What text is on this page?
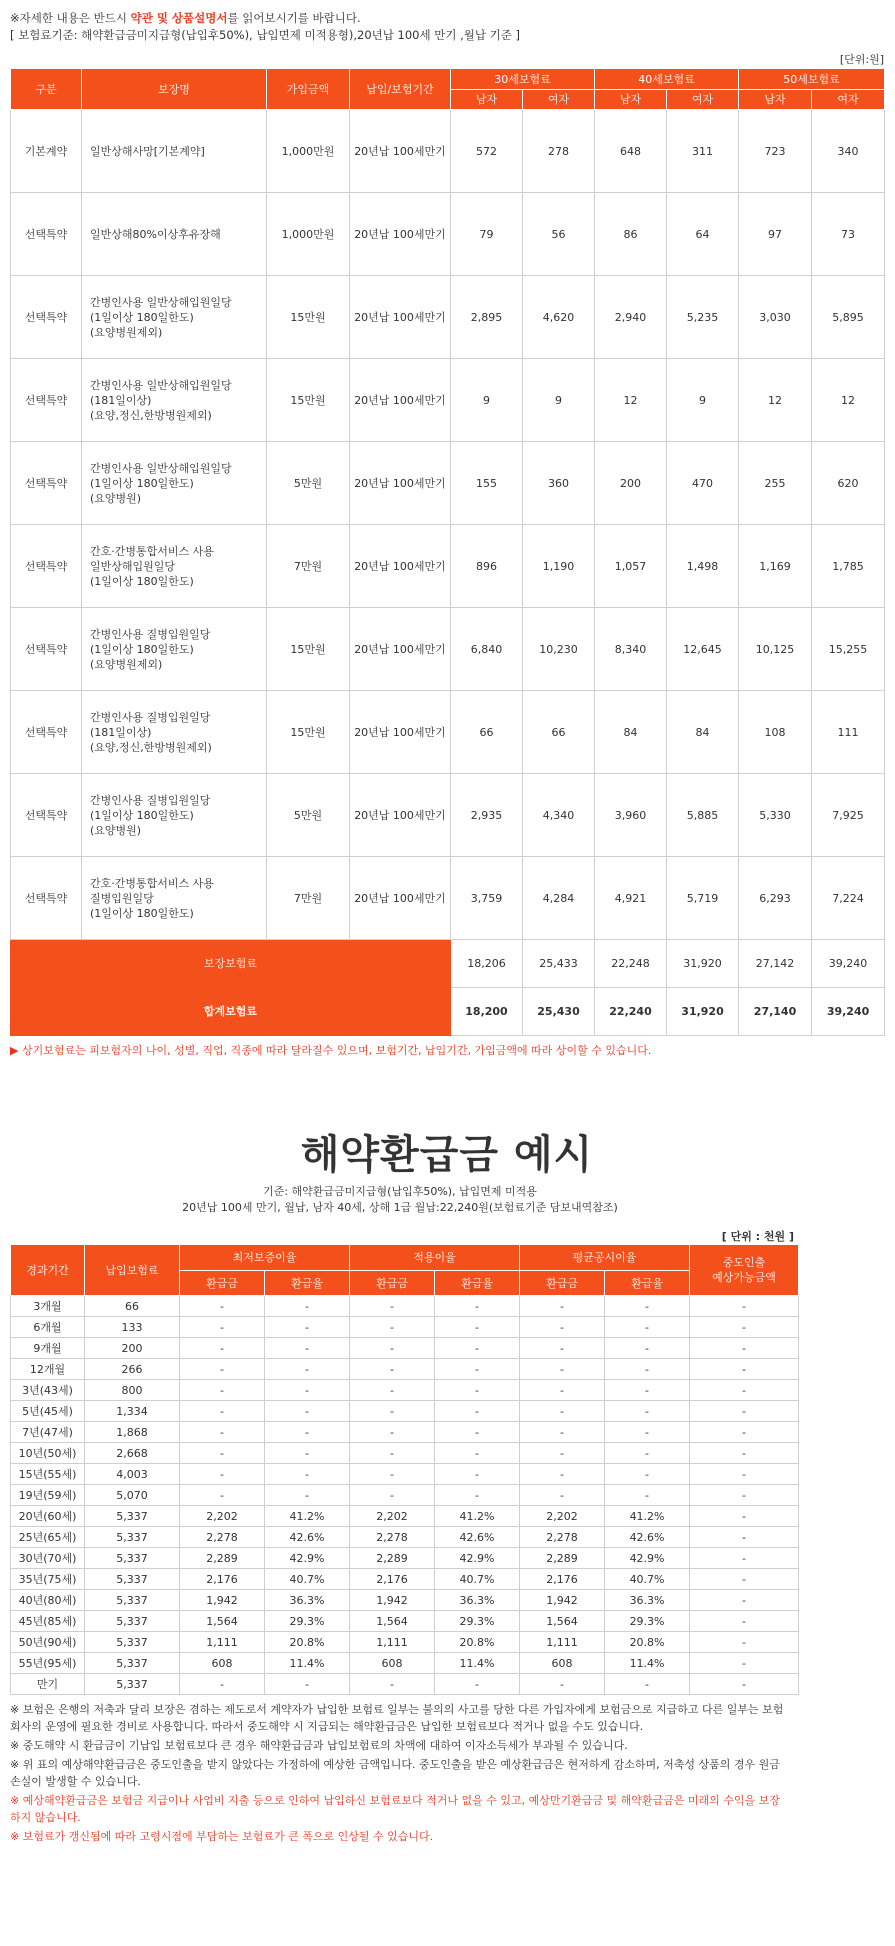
※자세한 내용은 반드시 약관 및 상품설명서를 읽어보시기를 바랍니다.
[ 보험료기준: 해약환급금미지급형(납입후50%), 납입면제 미적용형),20년납 100세 만기 ,월납 기준 ]
[단위:원]
구분	보장명	가입금액	납입/보험기간	30세보험료		40세보험료		50세보험료	
				남자	여자	남자	여자	남자	여자
기본계약	일반상해사망[기본계약]	1,000만원	20년납 100세만기	572	278	648	311	723	340
선택특약	일반상해80%이상후유장해	1,000만원	20년납 100세만기	79	56	86	64	97	73
선택특약	간병인사용 일반상해입원일당
(1일이상 180일한도)
(요양병원제외)	15만원	20년납 100세만기	2,895	4,620	2,940	5,235	3,030	5,895
선택특약	간병인사용 일반상해입원일당
(181일이상)
(요양,정신,한방병원제외)	15만원	20년납 100세만기	9	9	12	9	12	12
선택특약	간병인사용 일반상해입원일당
(1일이상 180일한도)
(요양병원)	5만원	20년납 100세만기	155	360	200	470	255	620
선택특약	간호·간병통합서비스 사용
일반상해입원일당
(1일이상 180일한도)	7만원	20년납 100세만기	896	1,190	1,057	1,498	1,169	1,785
선택특약	간병인사용 질병입원일당
(1일이상 180일한도)
(요양병원제외)	15만원	20년납 100세만기	6,840	10,230	8,340	12,645	10,125	15,255
선택특약	간병인사용 질병입원일당
(181일이상)
(요양,정신,한방병원제외)	15만원	20년납 100세만기	66	66	84	84	108	111
선택특약	간병인사용 질병입원일당
(1일이상 180일한도)
(요양병원)	5만원	20년납 100세만기	2,935	4,340	3,960	5,885	5,330	7,925
선택특약	간호·간병통합서비스 사용
질병입원일당
(1일이상 180일한도)	7만원	20년납 100세만기	3,759	4,284	4,921	5,719	6,293	7,224
보장보험료				18,206	25,433	22,248	31,920	27,142	39,240
합계보험료				18,200	25,430	22,240	31,920	27,140	39,240
▶ 상기보험료는 피보험자의 나이, 성별, 직업, 직종에 따라 달라질수 있으며, 보험기간, 납입기간, 가입금액에 따라 상이할 수 있습니다.
해약환급금 예시
기준: 해약환급금미지급형(납입후50%), 납입면제 미적용
20년납 100세 만기, 월납, 남자 40세, 상해 1급 월납:22,240원(보험료기준 담보내역참조)
[ 단위 : 천원 ]
경과기간	납입보험료	최저보증이율		적용이율		평균공시이율		중도인출
예상가능금액
		환급금	환급율	환급금	환급율	환급금	환급율	
3개월	66	-	-	-	-	-	-	-
6개월	133	-	-	-	-	-	-	-
9개월	200	-	-	-	-	-	-	-
12개월	266	-	-	-	-	-	-	-
3년(43세)	800	-	-	-	-	-	-	-
5년(45세)	1,334	-	-	-	-	-	-	-
7년(47세)	1,868	-	-	-	-	-	-	-
10년(50세)	2,668	-	-	-	-	-	-	-
15년(55세)	4,003	-	-	-	-	-	-	-
19년(59세)	5,070	-	-	-	-	-	-	-
20년(60세)	5,337	2,202	41.2%	2,202	41.2%	2,202	41.2%	-
25년(65세)	5,337	2,278	42.6%	2,278	42.6%	2,278	42.6%	-
30년(70세)	5,337	2,289	42.9%	2,289	42.9%	2,289	42.9%	-
35년(75세)	5,337	2,176	40.7%	2,176	40.7%	2,176	40.7%	-
40년(80세)	5,337	1,942	36.3%	1,942	36.3%	1,942	36.3%	-
45년(85세)	5,337	1,564	29.3%	1,564	29.3%	1,564	29.3%	-
50년(90세)	5,337	1,111	20.8%	1,111	20.8%	1,111	20.8%	-
55년(95세)	5,337	608	11.4%	608	11.4%	608	11.4%	-
만기	5,337	-	-	-	-	-	-	-

※ 보험은 은행의 저축과 달리 보장은 겸하는 제도로서 계약자가 납입한 보험료 일부는 불의의 사고를 당한 다른 가입자에게 보험금으로 지급하고 다른 일부는 보험회사의 운영에 필요한 경비로 사용합니다. 따라서 중도해약 시 지급되는 해약환급금은 납입한 보험료보다 적거나 없을 수도 있습니다.

※ 중도해약 시 환급금이 기납입 보험료보다 큰 경우 해약환급금과 납입보험료의 차액에 대하여 이자소득세가 부과될 수 있습니다.

※ 위 표의 예상해약환급금은 중도인출을 받지 않았다는 가정하에 예상한 금액입니다. 중도인출을 받은 예상환급금은 현저하게 감소하며, 저축성 상품의 경우 원금손실이 발생할 수 있습니다.

※ 예상해약환급금은 보험금 지급이나 사업비 지출 등으로 인하여 납입하신 보험료보다 적거나 없을 수 있고, 예상만기환급금 및 해약환급금은 미래의 수익을 보장하지 않습니다.

※ 보험료가 갱신됨에 따라 고령시점에 부담하는 보험료가 큰 폭으로 인상될 수 있습니다.
